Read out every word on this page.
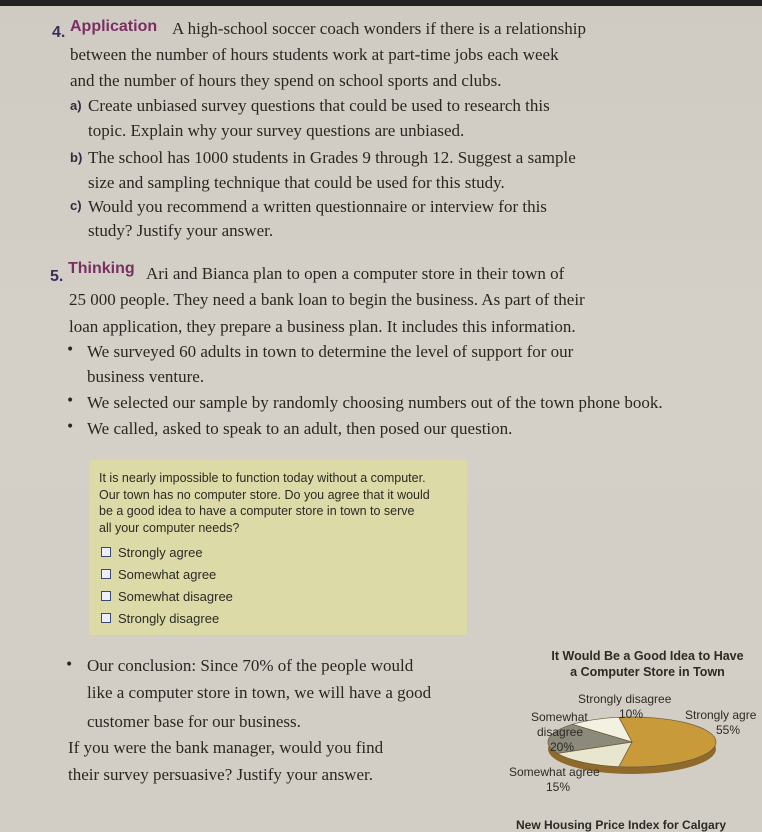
4. Application A high-school soccer coach wonders if there is a relationship
between the number of hours students work at part-time jobs each week
and the number of hours they spend on school sports and clubs.
a) Create unbiased survey questions that could be used to research this
topic. Explain why your survey questions are unbiased.
b) The school has 1000 students in Grades 9 through 12. Suggest a sample
size and sampling technique that could be used for this study.
c) Would you recommend a written questionnaire or interview for this
study? Justify your answer.
5. Thinking Ari and Bianca plan to open a computer store in their town of
25 000 people. They need a bank loan to begin the business. As part of their
loan application, they prepare a business plan. It includes this information.
• We surveyed 60 adults in town to determine the level of support for our
business venture.
• We selected our sample by randomly choosing numbers out of the town phone book.
• We called, asked to speak to an adult, then posed our question.
It is nearly impossible to function today without a computer.
Our town has no computer store. Do you agree that it would
be a good idea to have a computer store in town to serve
all your computer needs?
Strongly agree
Somewhat agree
Somewhat disagree
Strongly disagree
• Our conclusion: Since 70% of the people would
like a computer store in town, we will have a good
customer base for our business.
If you were the bank manager, would you find
their survey persuasive? Justify your answer.
It Would Be a Good Idea to Have
a Computer Store in Town
Strongly disagree
10%	Strongly agre
55%
Somewhat
disagree
20%
Somewhat agree
15%
New Housing Price Index for Calgary
